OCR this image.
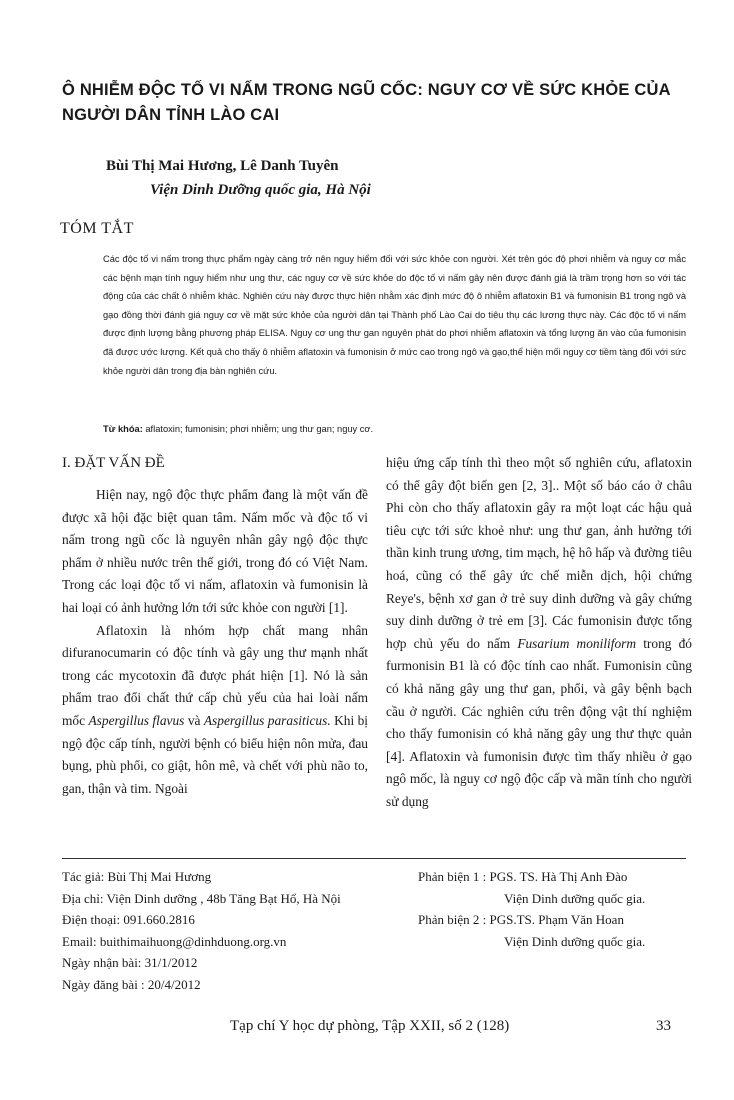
Ô NHIỄM ĐỘC TỐ VI NẤM TRONG NGŨ CỐC: NGUY CƠ VỀ SỨC KHỎE CỦA NGƯỜI DÂN TỈNH LÀO CAI
Bùi Thị Mai Hương, Lê Danh Tuyên
Viện Dinh Dưỡng quốc gia, Hà Nội
TÓM TẮT

Các độc tố vi nấm trong thực phẩm ngày càng trở nên nguy hiểm đối với sức khỏe con người. Xét trên góc độ phơi nhiễm và nguy cơ mắc các bệnh mạn tính nguy hiểm như ung thư, các nguy cơ về sức khỏe do độc tố vi nấm gây nên được đánh giá là trầm trọng hơn so với tác động của các chất ô nhiễm khác. Nghiên cứu này được thực hiện nhằm xác định mức độ ô nhiễm aflatoxin B1 và fumonisin B1 trong ngô và gạo đồng thời đánh giá nguy cơ về mặt sức khỏe của người dân tại Thành phố Lào Cai do tiêu thụ các lương thực này. Các độc tố vi nấm được định lượng bằng phương pháp ELISA. Nguy cơ ung thư gan nguyên phát do phơi nhiễm aflatoxin và tổng lượng ăn vào của fumonisin đã được ước lượng. Kết quả cho thấy ô nhiễm aflatoxin và fumonisin ở mức cao trong ngô và gạo,thể hiện mối nguy cơ tiềm tàng đối với sức khỏe người dân trong địa bàn nghiên cứu.

Từ khóa: aflatoxin; fumonisin; phơi nhiễm; ung thư gan; nguy cơ.

I. ĐẶT VẤN ĐỀ

Hiện nay, ngộ độc thực phẩm đang là một vấn đề được xã hội đặc biệt quan tâm. Nấm mốc và độc tố vi nấm trong ngũ cốc là nguyên nhân gây ngộ độc thực phẩm ở nhiều nước trên thế giới, trong đó có Việt Nam. Trong các loại độc tố vi nấm, aflatoxin và fumonisin là hai loại có ảnh hưởng lớn tới sức khỏe con người [1].

Aflatoxin là nhóm hợp chất mang nhân difuranocumarin có độc tính và gây ung thư mạnh nhất trong các mycotoxin đã được phát hiện [1]. Nó là sản phẩm trao đổi chất thứ cấp chủ yếu của hai loài nấm mốc Aspergillus flavus và Aspergillus parasiticus. Khi bị ngộ độc cấp tính, người bệnh có biểu hiện nôn mửa, đau bụng, phù phổi, co giật, hôn mê, và chết với phù não to, gan, thận và tim. Ngoài

hiệu ứng cấp tính thì theo một số nghiên cứu, aflatoxin có thể gây đột biến gen [2, 3].. Một số báo cáo ở châu Phi còn cho thấy aflatoxin gây ra một loạt các hậu quả tiêu cực tới sức khoẻ như: ung thư gan, ảnh hưởng tới thần kinh trung ương, tim mạch, hệ hô hấp và đường tiêu hoá, cũng có thể gây ức chế miễn dịch, hội chứng Reye's, bệnh xơ gan ở trẻ suy dinh dưỡng và gây chứng suy dinh dưỡng ở trẻ em [3]. Các fumonisin được tổng hợp chủ yếu do nấm Fusarium moniliform trong đó furmonisin B1 là có độc tính cao nhất. Fumonisin cũng có khả năng gây ung thư gan, phổi, và gây bệnh bạch cầu ở người. Các nghiên cứu trên động vật thí nghiệm cho thấy fumonisin có khả năng gây ung thư thực quản [4]. Aflatoxin và fumonisin được tìm thấy nhiều ở gạo ngô mốc, là nguy cơ ngộ độc cấp và mãn tính cho người sử dụng

Tác giả: Bùi Thị Mai Hương
Địa chỉ: Viện Dinh dưỡng , 48b Tăng Bạt Hổ, Hà Nội
Điện thoại: 091.660.2816
Email: buithimaihuong@dinhduong.org.vn
Ngày nhận bài: 31/1/2012
Ngày đăng bài : 20/4/2012
Phản biện 1 : PGS. TS. Hà Thị Anh Đào
Viện Dinh dưỡng quốc gia.
Phản biện 2 : PGS.TS. Phạm Văn Hoan
Viện Dinh dưỡng quốc gia.
Tạp chí Y học dự phòng, Tập XXII, số 2 (128)	33
